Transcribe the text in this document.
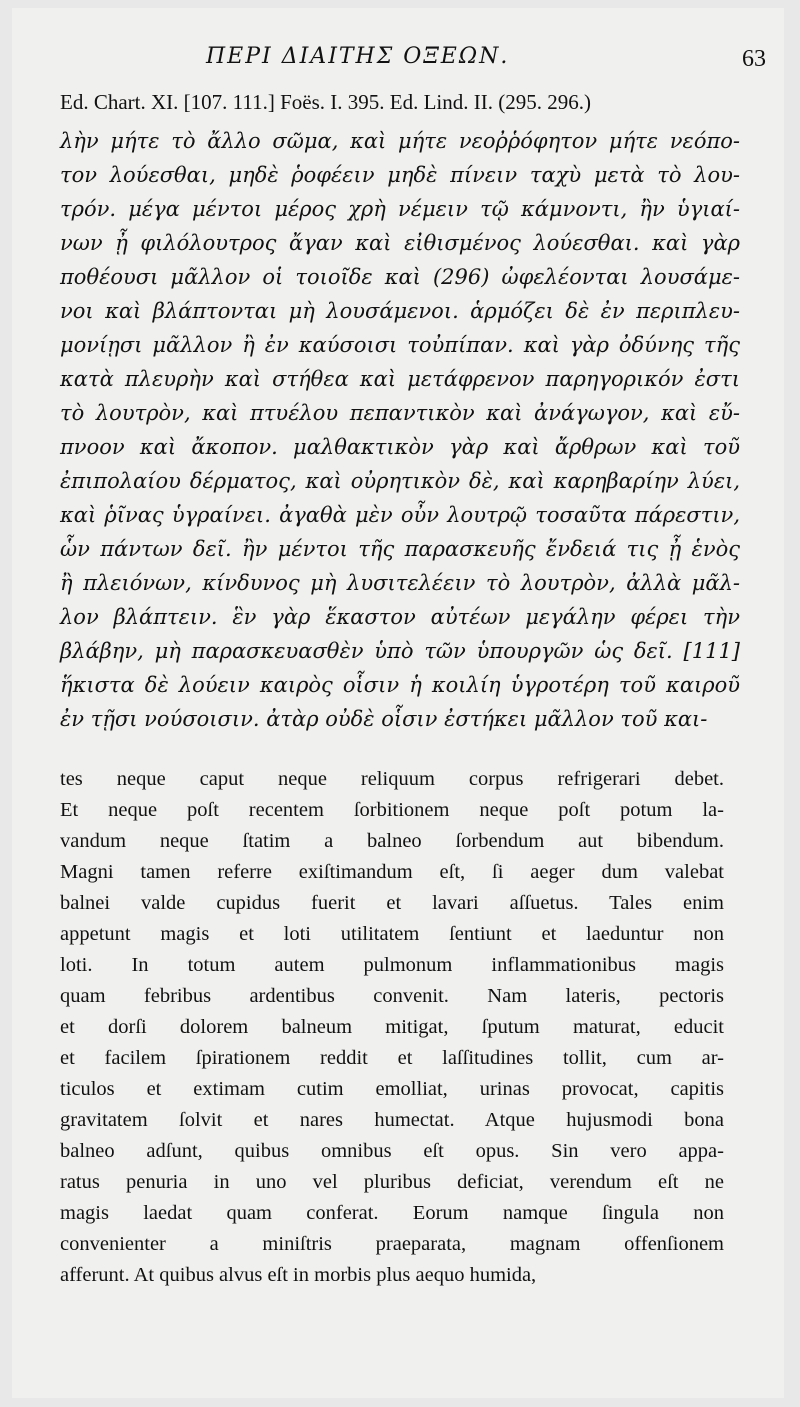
ΠΕΡΙ ΔΙΑΙΤΗΣ ΟΞΕΩΝ.	63
Ed. Chart. XI. [107. 111.] Foës. I. 395. Ed. Lind. II. (295. 296.)
λὴν μήτε τὸ ἄλλο σῶμα, καὶ μήτε νεοῤῥόφητον μήτε νεόπο-
τον λούεσθαι, μηδὲ ῥοφέειν μηδὲ πίνειν ταχὺ μετὰ τὸ λου-
τρόν. μέγα μέντοι μέρος χρὴ νέμειν τῷ κάμνοντι, ἢν ὑγιαί-
νων ᾖ φιλόλουτρος ἄγαν καὶ εἰθισμένος λούεσθαι. καὶ γὰρ
ποθέουσι μᾶλλον οἱ τοιοῖδε καὶ (296) ὠφελέονται λουσάμε-
νοι καὶ βλάπτονται μὴ λουσάμενοι. ἁρμόζει δὲ ἐν περιπλευ-
μονίῃσι μᾶλλον ἢ ἐν καύσοισι τοὐπίπαν. καὶ γὰρ ὀδύνης τῆς
κατὰ πλευρὴν καὶ στήθεα καὶ μετάφρενον παρηγορικόν ἐστι
τὸ λουτρὸν, καὶ πτυέλου πεπαντικὸν καὶ ἀνάγωγον, καὶ εὔ-
πνοον καὶ ἄκοπον. μαλθακτικὸν γὰρ καὶ ἄρθρων καὶ τοῦ
ἐπιπολαίου δέρματος, καὶ οὐρητικὸν δὲ, καὶ καρηβαρίην λύει,
καὶ ῥῖνας ὑγραίνει. ἀγαθὰ μὲν οὖν λουτρῷ τοσαῦτα πάρεστιν,
ὧν πάντων δεῖ. ἢν μέντοι τῆς παρασκευῆς ἔνδειά τις ᾖ ἑνὸς
ἢ πλειόνων, κίνδυνος μὴ λυσιτελέειν τὸ λουτρὸν, ἀλλὰ μᾶλ-
λον βλάπτειν. ἓν γὰρ ἕκαστον αὐτέων μεγάλην φέρει τὴν
βλάβην, μὴ παρασκευασθὲν ὑπὸ τῶν ὑπουργῶν ὡς δεῖ. [111]
ἥκιστα δὲ λούειν καιρὸς οἷσιν ἡ κοιλίη ὑγροτέρη τοῦ καιροῦ
ἐν τῇσι νούσοισιν. ἀτὰρ οὐδὲ οἷσιν ἐστήκει μᾶλλον τοῦ και-
tes neque caput neque reliquum corpus refrigerari debet.
Et neque poſt recentem ſorbitionem neque poſt potum la-
vandum neque ſtatim a balneo ſorbendum aut bibendum.
Magni tamen referre exiſtimandum eſt, ſi aeger dum valebat
balnei valde cupidus fuerit et lavari aſſuetus. Tales enim
appetunt magis et loti utilitatem ſentiunt et laeduntur non
loti. In totum autem pulmonum inflammationibus magis
quam febribus ardentibus convenit. Nam lateris, pectoris
et dorſi dolorem balneum mitigat, ſputum maturat, educit
et facilem ſpirationem reddit et laſſitudines tollit, cum ar-
ticulos et extimam cutim emolliat, urinas provocat, capitis
gravitatem ſolvit et nares humectat. Atque hujusmodi bona
balneo adſunt, quibus omnibus eſt opus. Sin vero appa-
ratus penuria in uno vel pluribus deficiat, verendum eſt ne
magis laedat quam conferat. Eorum namque ſingula non
convenienter a miniſtris praeparata, magnam offenſionem
afferunt. At quibus alvus eſt in morbis plus aequo humida,
